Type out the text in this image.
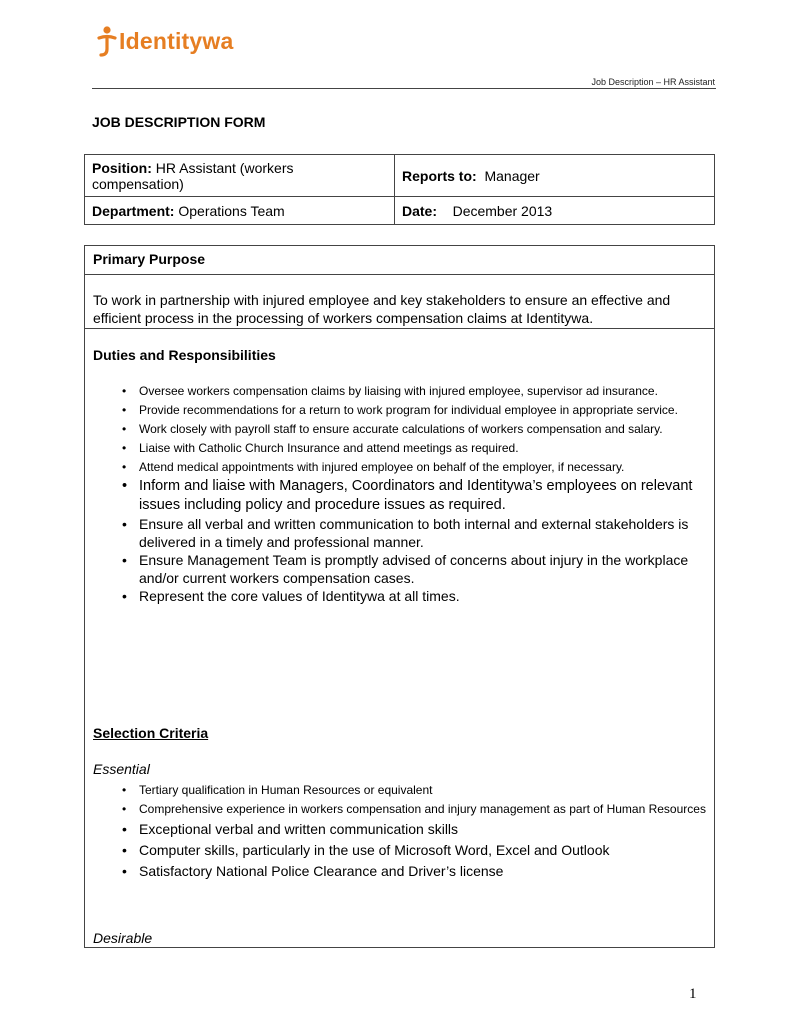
Identitywa
Job Description – HR Assistant
JOB DESCRIPTION FORM
Position: HR Assistant (workers compensation)	Reports to: Manager
Department: Operations Team	Date: December 2013
Primary Purpose
To work in partnership with injured employee and key stakeholders to ensure an effective and efficient process in the processing of workers compensation claims at Identitywa.
Duties and Responsibilities
• Oversee workers compensation claims by liaising with injured employee, supervisor ad insurance.
• Provide recommendations for a return to work program for individual employee in appropriate service.
• Work closely with payroll staff to ensure accurate calculations of workers compensation and salary.
• Liaise with Catholic Church Insurance and attend meetings as required.
• Attend medical appointments with injured employee on behalf of the employer, if necessary.
• Inform and liaise with Managers, Coordinators and Identitywa’s employees on relevant issues including policy and procedure issues as required.
• Ensure all verbal and written communication to both internal and external stakeholders is delivered in a timely and professional manner.
• Ensure Management Team is promptly advised of concerns about injury in the workplace and/or current workers compensation cases.
• Represent the core values of Identitywa at all times.
Selection Criteria
Essential
• Tertiary qualification in Human Resources or equivalent
• Comprehensive experience in workers compensation and injury management as part of Human Resources
• Exceptional verbal and written communication skills
• Computer skills, particularly in the use of Microsoft Word, Excel and Outlook
• Satisfactory National Police Clearance and Driver’s license
Desirable
1
